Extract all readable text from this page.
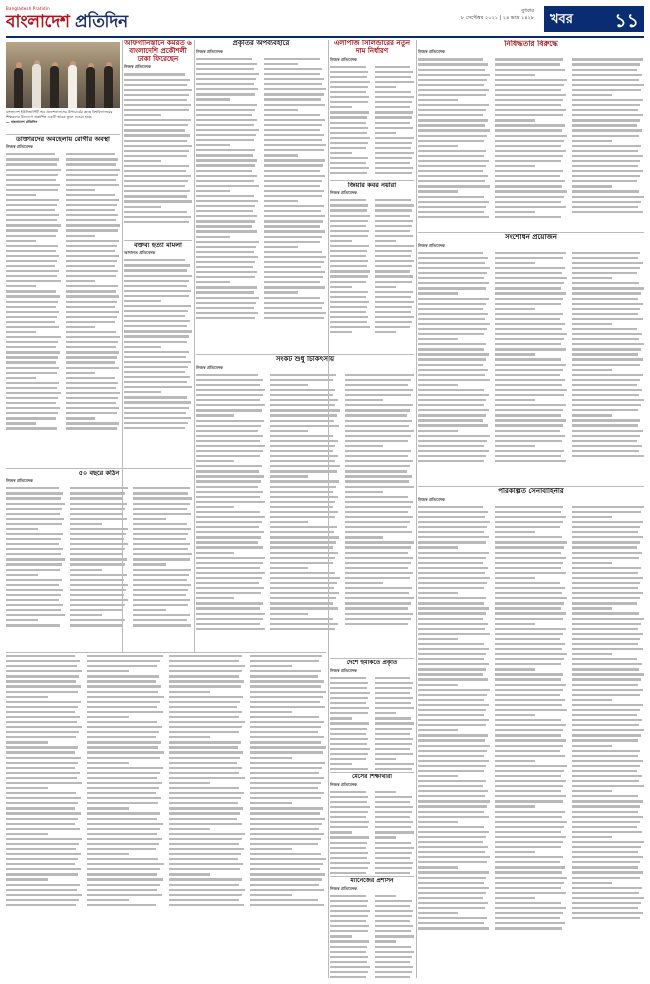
Bangladesh Pratidin
বাংলাদেশ প্রতিদিন
বুধবার
৮ সেপ্টেম্বর ২০২১ | ২৪ ভাদ্র ১৪২৮ খবর ১১
বাংলাদেশ ইউনিভার্সিটি অব প্রফেশনালসের উপাচার্যের কাছে বিশ্ববিদ্যালয়ের শিক্ষকদের উদ্যোগে প্রকাশিত একটি স্মারক তুলে দেওয়া হচ্ছে
— বাংলাদেশ প্রতিদিন
আফগানিস্তানে কর্মরত ৬ বাংলাদেশি প্রকৌশলী ঢাকা ফিরেছেন
নিজস্ব প্রতিবেদক
ডাক্তারদের অবহেলায় রোগীর অবস্থা
নিজস্ব প্রতিবেদক
বক্তব্য হত্যা মামলা
আদালত প্রতিবেদক
প্রকৃতির অপব্যবহারে
নিজস্ব প্রতিবেদক
এলপিজি সিলিন্ডারের নতুন দাম নির্ধারণ
নিজস্ব প্রতিবেদক
নিষিদ্ধতার বিরুদ্ধে
নিজস্ব প্রতিবেদক
৫০ বছরে কঠিন
নিজস্ব প্রতিবেদক
জিয়ার কবর নয়ারা
নিজস্ব প্রতিবেদক
সংকট শুধু চিকিৎসায়
নিজস্ব প্রতিবেদক
দেশে হুমকিতে প্রকৃতি
নিজস্ব প্রতিবেদক
মেসের শিক্ষার্থীরা
নিজস্ব প্রতিবেদক
ম্যানেজের প্রশাসন
নিজস্ব প্রতিবেদক
সংশোধন প্রয়োজন
নিজস্ব প্রতিবেদক
পরিকল্পিত সেনাবাহিনীর
নিজস্ব প্রতিবেদক
